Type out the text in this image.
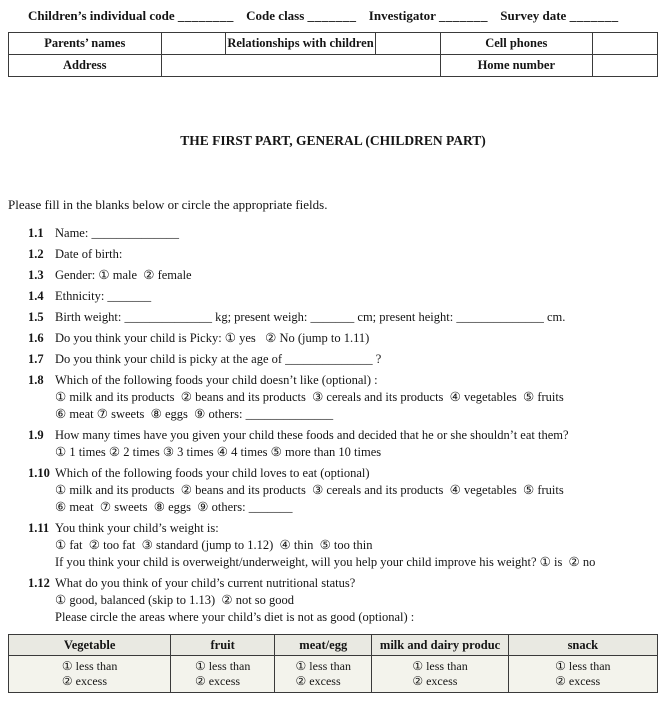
Children’s individual code ________ Code class _______ Investigator _______ Survey date _______
Parents’ names		Relationships with children		Cell phones	
Address				Home number	
THE FIRST PART, GENERAL (CHILDREN PART)
Please fill in the blanks below or circle the appropriate fields.
1.1 Name: ______________
1.2 Date of birth:
1.3 Gender: ① male  ② female
1.4 Ethnicity: _______
1.5 Birth weight: ______________ kg; present weigh: _______ cm; present height: ______________ cm.
1.6 Do you think your child is Picky: ① yes   ② No (jump to 1.11)
1.7 Do you think your child is picky at the age of ______________ ?
1.8 Which of the following foods your child doesn’t like (optional) :
① milk and its products  ② beans and its products  ③ cereals and its products  ④ vegetables  ⑤ fruits
⑥ meat ⑦ sweets  ⑧ eggs  ⑨ others: ______________
1.9 How many times have you given your child these foods and decided that he or she shouldn’t eat them?
① 1 times ② 2 times ③ 3 times ④ 4 times ⑤ more than 10 times
1.10 Which of the following foods your child loves to eat (optional)
① milk and its products  ② beans and its products  ③ cereals and its products  ④ vegetables  ⑤ fruits
⑥ meat  ⑦ sweets  ⑧ eggs  ⑨ others: _______
1.11 You think your child’s weight is:
① fat  ② too fat  ③ standard (jump to 1.12)  ④ thin  ⑤ too thin
If you think your child is overweight/underweight, will you help your child improve his weight? ① is  ② no
1.12 What do you think of your child’s current nutritional status?
① good, balanced (skip to 1.13)  ② not so good
Please circle the areas where your child’s diet is not as good (optional) :
Vegetable	fruit	meat/egg	milk and dairy produc	snack

① less than
② excess

① less than
② excess

① less than
② excess

① less than
② excess

① less than
② excess
